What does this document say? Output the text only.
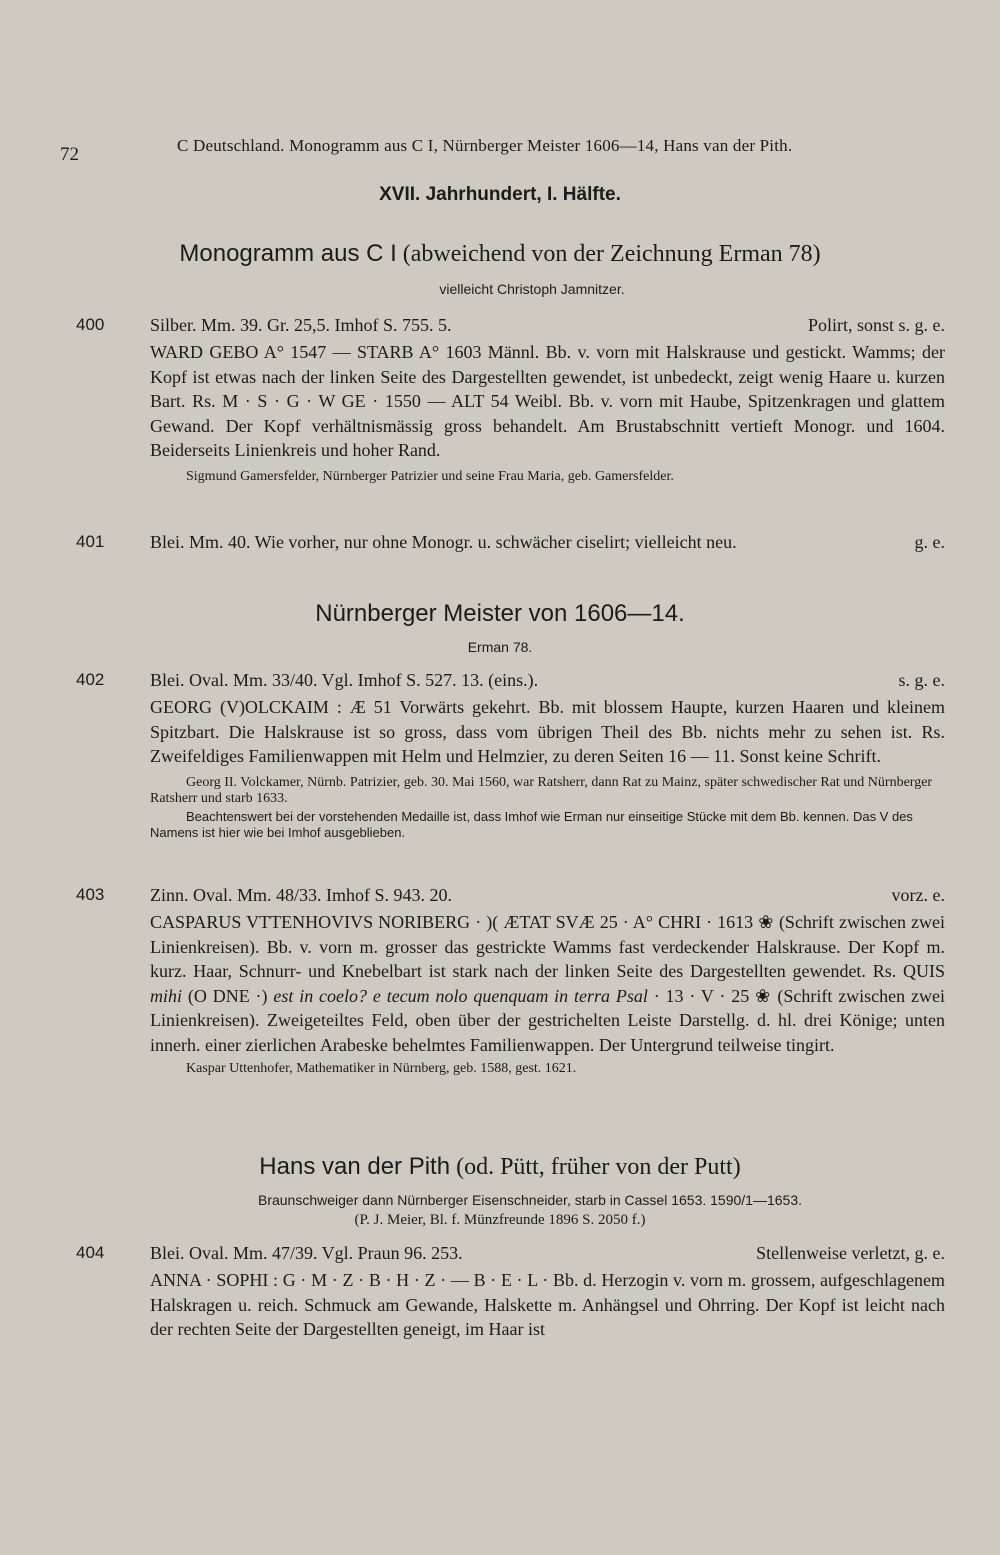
72	C Deutschland. Monogramm aus C I, Nürnberger Meister 1606—14, Hans van der Pith.
XVII. Jahrhundert, I. Hälfte.
Monogramm aus C I (abweichend von der Zeichnung Erman 78)
vielleicht Christoph Jamnitzer.
400	Silber. Mm. 39. Gr. 25,5. Imhof S. 755. 5.	Polirt, sonst s. g. e.
WARD GEBO A° 1547 — STARB A° 1603 Männl. Bb. v. vorn mit Halskrause und gestickt. Wamms; der Kopf ist etwas nach der linken Seite des Dargestellten gewendet, ist unbedeckt, zeigt wenig Haare u. kurzen Bart. Rs. M · S · G · W GE · 1550 — ALT 54 Weibl. Bb. v. vorn mit Haube, Spitzenkragen und glattem Gewand. Der Kopf verhältnismässig gross behandelt. Am Brustabschnitt vertieft Monogr. und 1604. Beiderseits Linienkreis und hoher Rand.
Sigmund Gamersfelder, Nürnberger Patrizier und seine Frau Maria, geb. Gamersfelder.
401	Blei. Mm. 40. Wie vorher, nur ohne Monogr. u. schwächer ciselirt; vielleicht neu.	g. e.
Nürnberger Meister von 1606—14.
Erman 78.
402	Blei. Oval. Mm. 33/40. Vgl. Imhof S. 527. 13. (eins.).	s. g. e.
GEORG (V)OLCKAIM : Æ 51 Vorwärts gekehrt. Bb. mit blossem Haupte, kurzen Haaren und kleinem Spitzbart. Die Halskrause ist so gross, dass vom übrigen Theil des Bb. nichts mehr zu sehen ist. Rs. Zweifeldiges Familienwappen mit Helm und Helmzier, zu deren Seiten 16 — 11. Sonst keine Schrift.
Georg II. Volckamer, Nürnb. Patrizier, geb. 30. Mai 1560, war Ratsherr, dann Rat zu Mainz, später schwedischer Rat und Nürnberger Ratsherr und starb 1633.
Beachtenswert bei der vorstehenden Medaille ist, dass Imhof wie Erman nur einseitige Stücke mit dem Bb. kennen. Das V des Namens ist hier wie bei Imhof ausgeblieben.
403	Zinn. Oval. Mm. 48/33. Imhof S. 943. 20.	vorz. e.
CASPARUS VTTENHOVIVS NORIBERG · )( ÆTAT SVÆ 25 · A° CHRI · 1613 ❀ (Schrift zwischen zwei Linienkreisen). Bb. v. vorn m. grosser das gestrickte Wamms fast verdeckender Halskrause. Der Kopf m. kurz. Haar, Schnurr- und Knebelbart ist stark nach der linken Seite des Dargestellten gewendet. Rs. QUIS mihi (O DNE ·) est in coelo? e tecum nolo quenquam in terra Psal · 13 · V · 25 ❀ (Schrift zwischen zwei Linienkreisen). Zweigeteiltes Feld, oben über der gestrichelten Leiste Darstellg. d. hl. drei Könige; unten innerh. einer zierlichen Arabeske behelmtes Familienwappen. Der Untergrund teilweise tingirt.
Kaspar Uttenhofer, Mathematiker in Nürnberg, geb. 1588, gest. 1621.
Hans van der Pith (od. Pütt, früher von der Putt)
Braunschweiger dann Nürnberger Eisenschneider, starb in Cassel 1653. 1590/1—1653.
(P. J. Meier, Bl. f. Münzfreunde 1896 S. 2050 f.)
404	Blei. Oval. Mm. 47/39. Vgl. Praun 96. 253.	Stellenweise verletzt, g. e.
ANNA · SOPHI : G · M · Z · B · H · Z · — B · E · L · Bb. d. Herzogin v. vorn m. grossem, aufgeschlagenem Halskragen u. reich. Schmuck am Gewande, Halskette m. Anhängsel und Ohrring. Der Kopf ist leicht nach der rechten Seite der Dargestellten geneigt, im Haar ist
